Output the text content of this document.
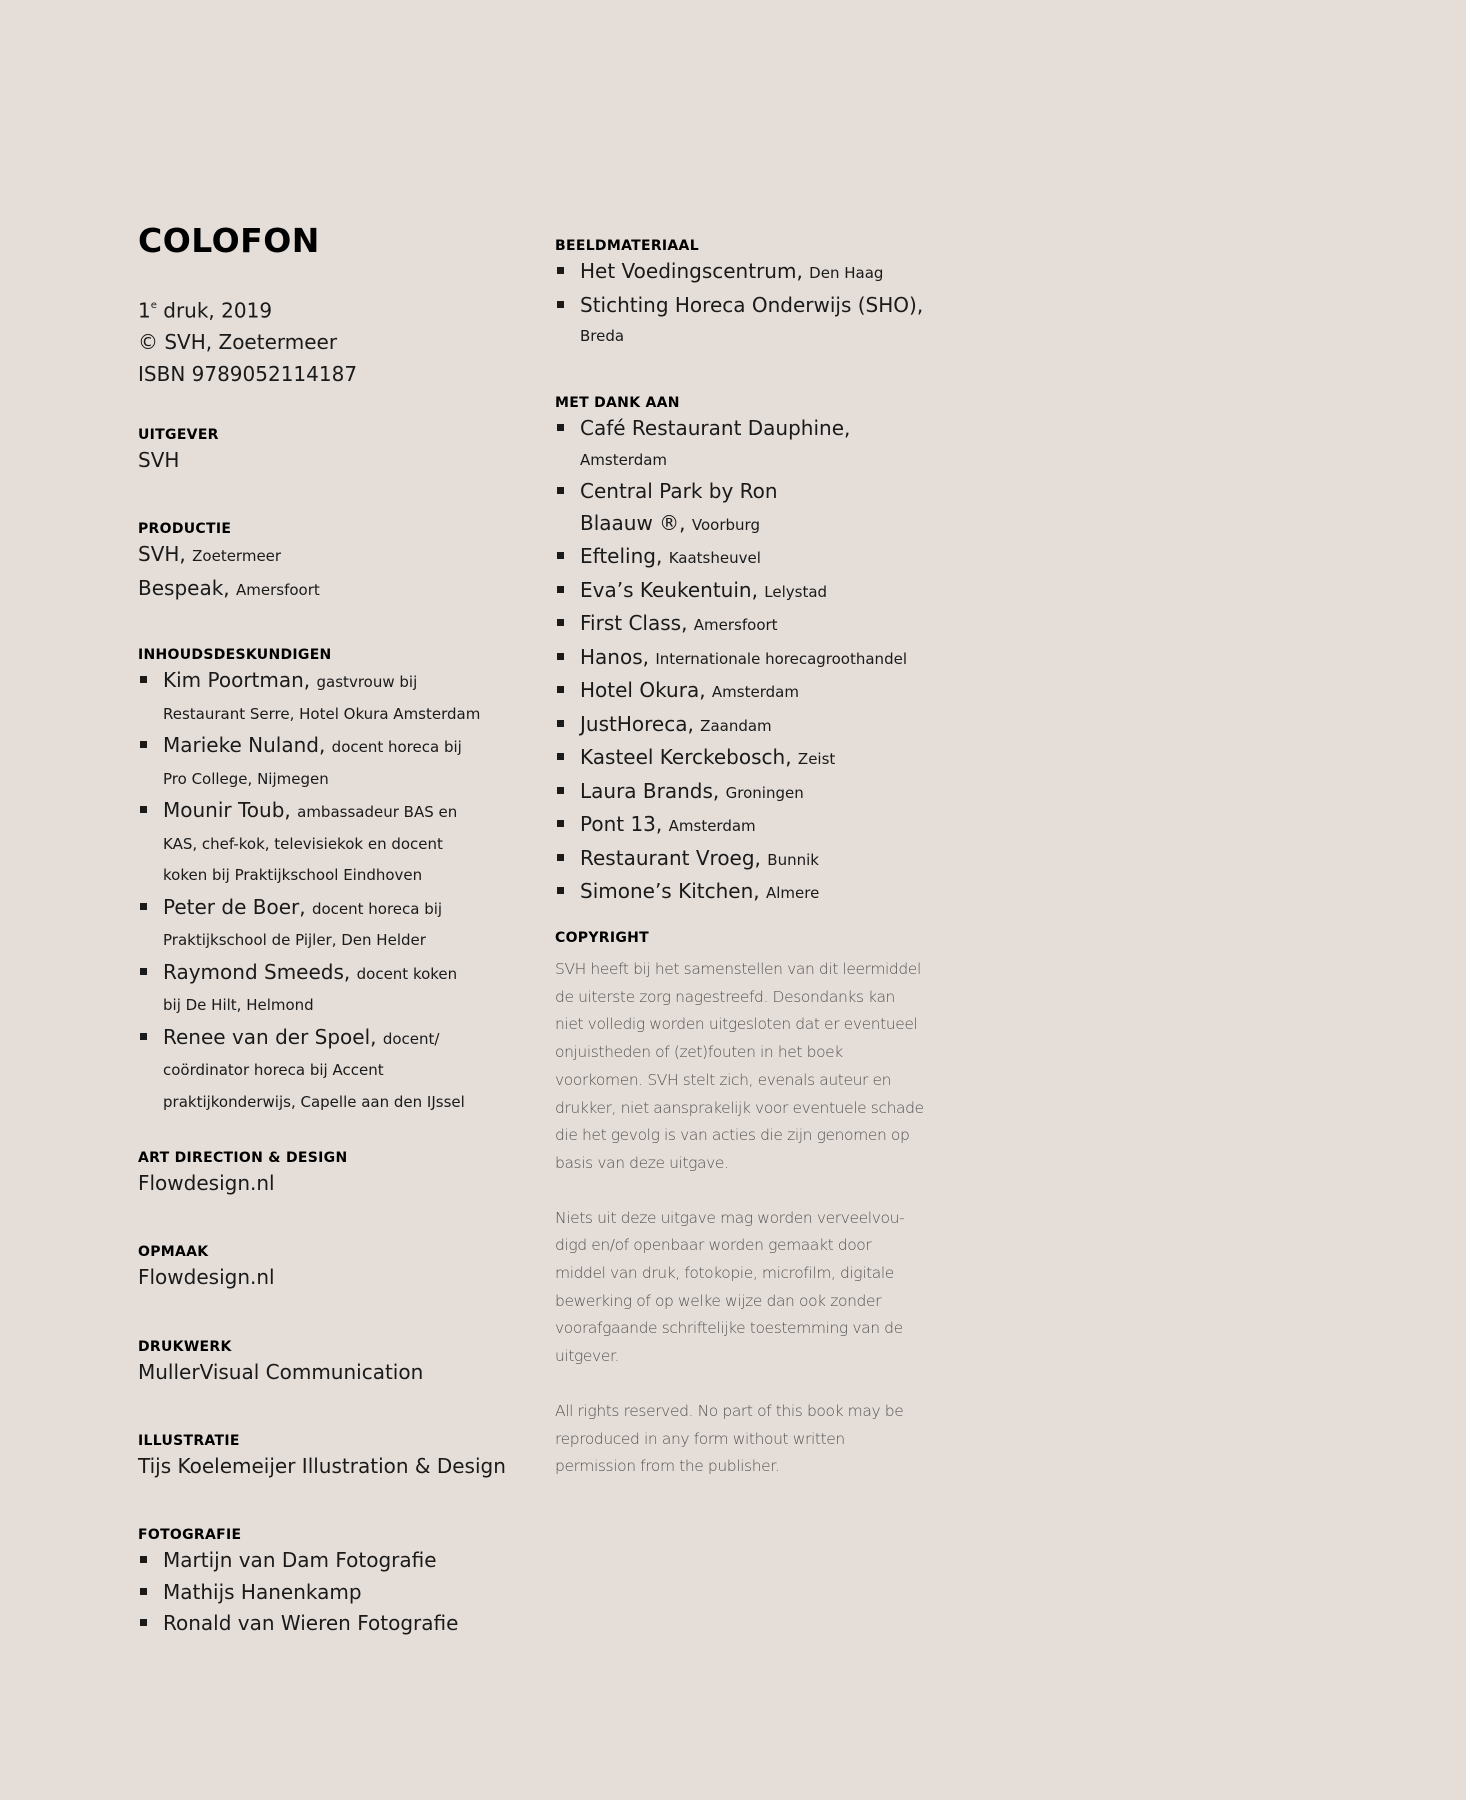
COLOFON
1e druk, 2019
© SVH, Zoetermeer
ISBN 9789052114187
UITGEVER
SVH
PRODUCTIE
SVH, Zoetermeer
Bespeak, Amersfoort
INHOUDSDESKUNDIGEN
Kim Poortman, gastvrouw bij
Restaurant Serre, Hotel Okura Amsterdam
Marieke Nuland, docent horeca bij
Pro College, Nijmegen
Mounir Toub, ambassadeur BAS en
KAS, chef-kok, televisiekok en docent
koken bij Praktijkschool Eindhoven
Peter de Boer, docent horeca bij
Praktijkschool de Pijler, Den Helder
Raymond Smeeds, docent koken
bij De Hilt, Helmond
Renee van der Spoel, docent/
coördinator horeca bij Accent
praktijkonderwijs, Capelle aan den IJssel
ART DIRECTION & DESIGN
Flowdesign.nl
OPMAAK
Flowdesign.nl
DRUKWERK
MullerVisual Communication
ILLUSTRATIE
Tijs Koelemeijer Illustration & Design
FOTOGRAFIE
Martijn van Dam Fotografie
Mathijs Hanenkamp
Ronald van Wieren Fotografie
BEELDMATERIAAL
Het Voedingscentrum, Den Haag
Stichting Horeca Onderwijs (SHO),
Breda
MET DANK AAN
Café Restaurant Dauphine,
Amsterdam
Central Park by Ron
Blaauw ®, Voorburg
Efteling, Kaatsheuvel
Eva’s Keukentuin, Lelystad
First Class, Amersfoort
Hanos, Internationale horecagroothandel
Hotel Okura, Amsterdam
JustHoreca, Zaandam
Kasteel Kerckebosch, Zeist
Laura Brands, Groningen
Pont 13, Amsterdam
Restaurant Vroeg, Bunnik
Simone’s Kitchen, Almere
COPYRIGHT

SVH heeft bij het samenstellen van dit leermiddel
de uiterste zorg nagestreefd. Desondanks kan
niet volledig worden uitgesloten dat er eventueel
onjuistheden of (zet)fouten in het boek
voorkomen. SVH stelt zich, evenals auteur en
drukker, niet aansprakelijk voor eventuele schade
die het gevolg is van acties die zijn genomen op
basis van deze uitgave.

Niets uit deze uitgave mag worden verveelvou-
digd en/of openbaar worden gemaakt door
middel van druk, fotokopie, microfilm, digitale
bewerking of op welke wijze dan ook zonder
voorafgaande schriftelijke toestemming van de
uitgever.

All rights reserved. No part of this book may be
reproduced in any form without written
permission from the publisher.
